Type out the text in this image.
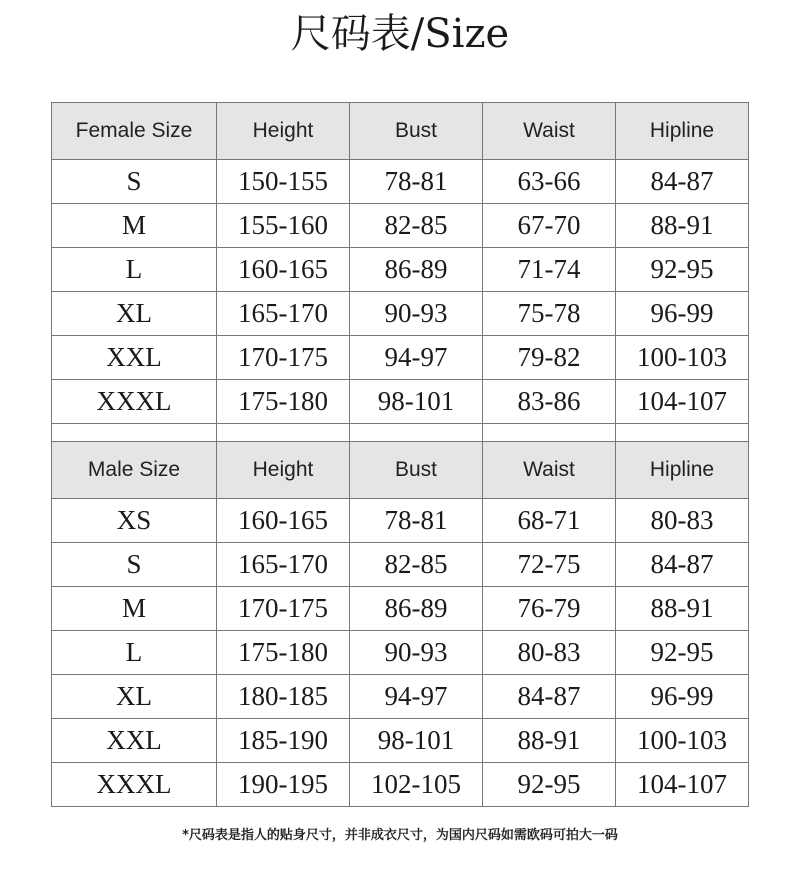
尺码表/Size
Female Size	Height	Bust	Waist	Hipline
S	150-155	78-81	63-66	84-87
M	155-160	82-85	67-70	88-91
L	160-165	86-89	71-74	92-95
XL	165-170	90-93	75-78	96-99
XXL	170-175	94-97	79-82	100-103
XXXL	175-180	98-101	83-86	104-107

Male Size	Height	Bust	Waist	Hipline
XS	160-165	78-81	68-71	80-83
S	165-170	82-85	72-75	84-87
M	170-175	86-89	76-79	88-91
L	175-180	90-93	80-83	92-95
XL	180-185	94-97	84-87	96-99
XXL	185-190	98-101	88-91	100-103
XXXL	190-195	102-105	92-95	104-107
*尺码表是指人的贴身尺寸，并非成衣尺寸，为国内尺码如需欧码可拍大一码
